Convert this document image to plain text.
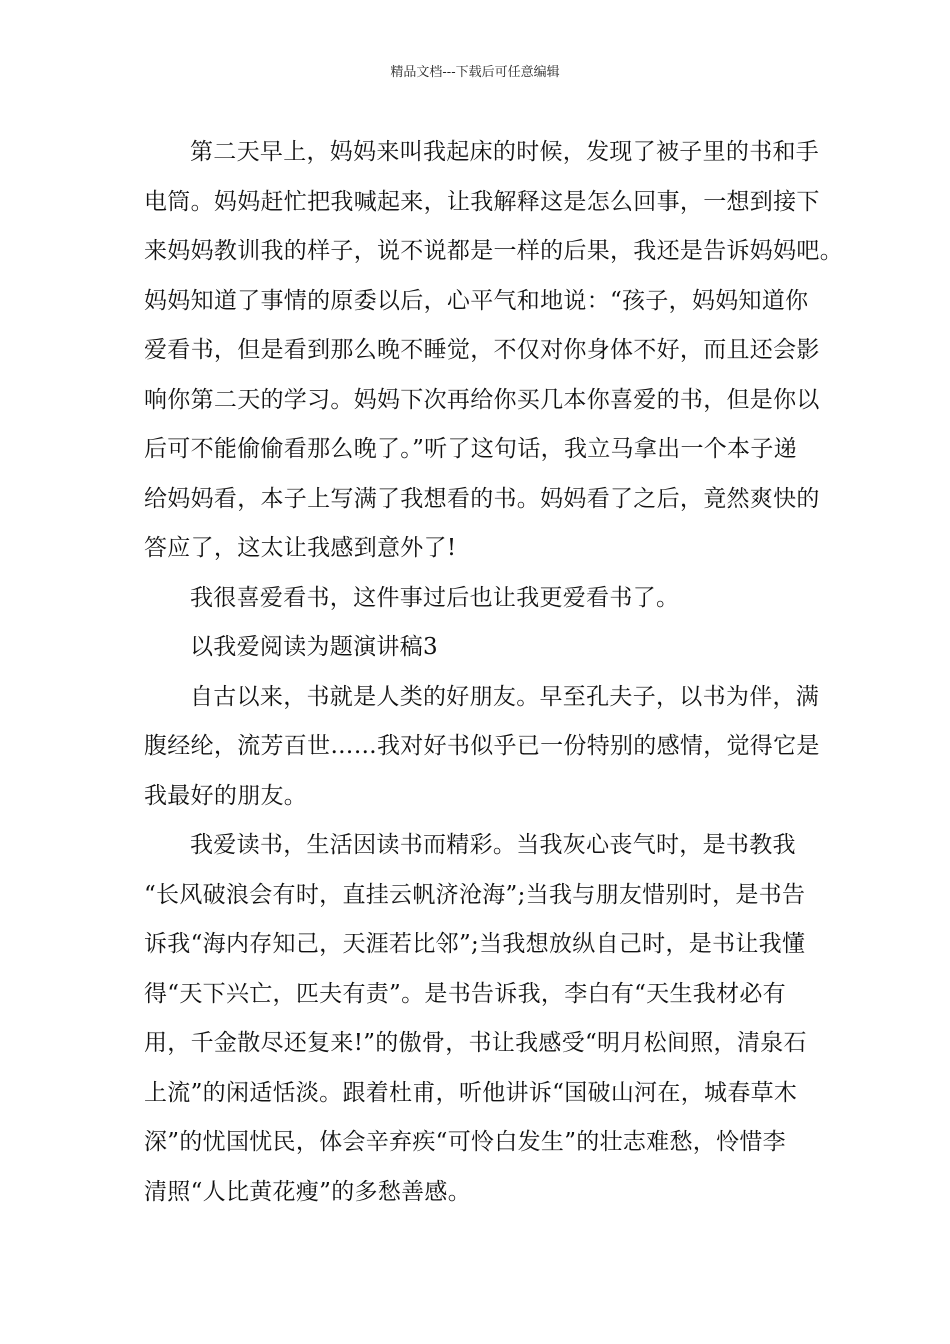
精品文档---下载后可任意编辑
第二天早上，妈妈来叫我起床的时候，发现了被子里的书和手
电筒。妈妈赶忙把我喊起来，让我解释这是怎么回事，一想到接下
来妈妈教训我的样子，说不说都是一样的后果，我还是告诉妈妈吧。
妈妈知道了事情的原委以后，心平气和地说：“孩子，妈妈知道你
爱看书，但是看到那么晚不睡觉，不仅对你身体不好，而且还会影
响你第二天的学习。妈妈下次再给你买几本你喜爱的书，但是你以
后可不能偷偷看那么晚了。”听了这句话，我立马拿出一个本子递
给妈妈看，本子上写满了我想看的书。妈妈看了之后，竟然爽快的
答应了，这太让我感到意外了!
我很喜爱看书，这件事过后也让我更爱看书了。
以我爱阅读为题演讲稿3
自古以来，书就是人类的好朋友。早至孔夫子，以书为伴，满
腹经纶，流芳百世……我对好书似乎已一份特别的感情，觉得它是
我最好的朋友。
我爱读书，生活因读书而精彩。当我灰心丧气时，是书教我
“长风破浪会有时，直挂云帆济沧海”;当我与朋友惜别时，是书告
诉我“海内存知己，天涯若比邻”;当我想放纵自己时，是书让我懂
得“天下兴亡，匹夫有责”。是书告诉我，李白有“天生我材必有
用，千金散尽还复来!”的傲骨，书让我感受“明月松间照，清泉石
上流”的闲适恬淡。跟着杜甫，听他讲诉“国破山河在，城春草木
深”的忧国忧民，体会辛弃疾“可怜白发生”的壮志难愁，怜惜李
清照“人比黄花瘦”的多愁善感。
